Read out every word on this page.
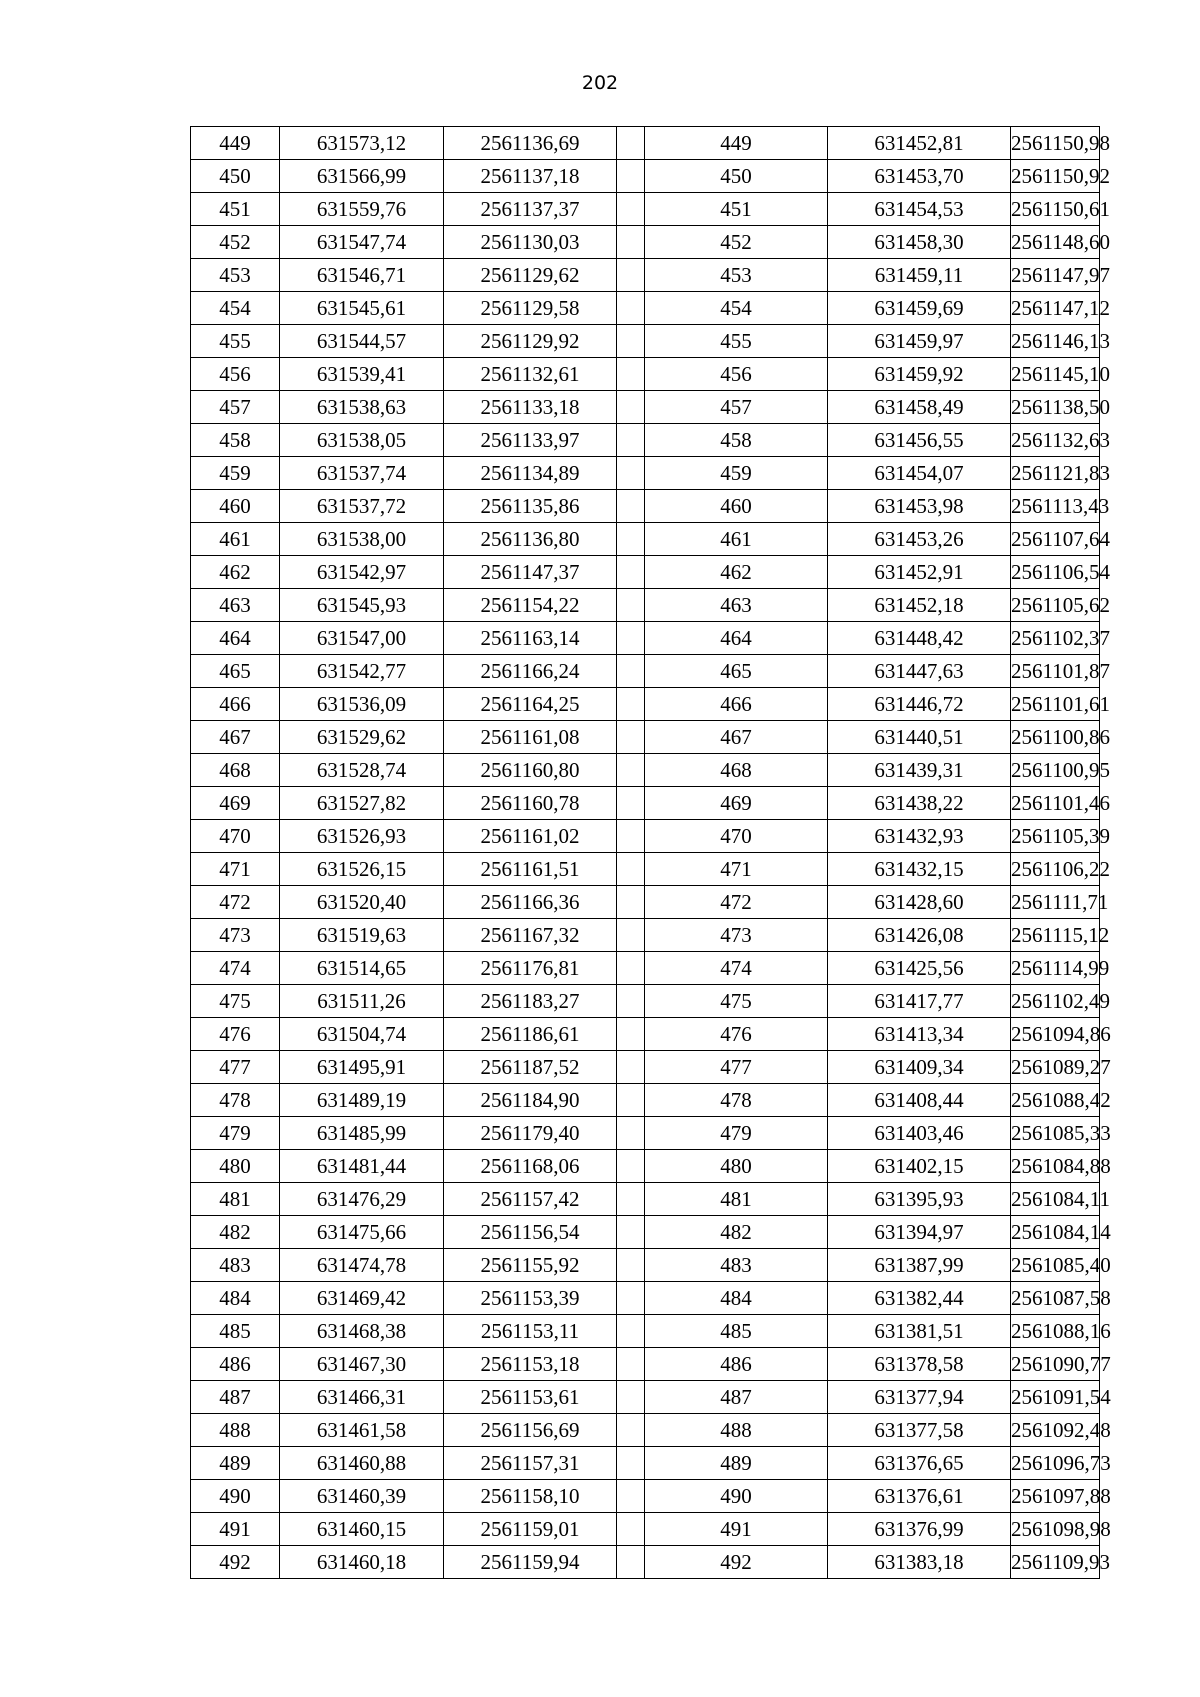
202
449	631573,12	2561136,69		449	631452,81	2561150,98
450	631566,99	2561137,18		450	631453,70	2561150,92
451	631559,76	2561137,37		451	631454,53	2561150,61
452	631547,74	2561130,03		452	631458,30	2561148,60
453	631546,71	2561129,62		453	631459,11	2561147,97
454	631545,61	2561129,58		454	631459,69	2561147,12
455	631544,57	2561129,92		455	631459,97	2561146,13
456	631539,41	2561132,61		456	631459,92	2561145,10
457	631538,63	2561133,18		457	631458,49	2561138,50
458	631538,05	2561133,97		458	631456,55	2561132,63
459	631537,74	2561134,89		459	631454,07	2561121,83
460	631537,72	2561135,86		460	631453,98	2561113,43
461	631538,00	2561136,80		461	631453,26	2561107,64
462	631542,97	2561147,37		462	631452,91	2561106,54
463	631545,93	2561154,22		463	631452,18	2561105,62
464	631547,00	2561163,14		464	631448,42	2561102,37
465	631542,77	2561166,24		465	631447,63	2561101,87
466	631536,09	2561164,25		466	631446,72	2561101,61
467	631529,62	2561161,08		467	631440,51	2561100,86
468	631528,74	2561160,80		468	631439,31	2561100,95
469	631527,82	2561160,78		469	631438,22	2561101,46
470	631526,93	2561161,02		470	631432,93	2561105,39
471	631526,15	2561161,51		471	631432,15	2561106,22
472	631520,40	2561166,36		472	631428,60	2561111,71
473	631519,63	2561167,32		473	631426,08	2561115,12
474	631514,65	2561176,81		474	631425,56	2561114,99
475	631511,26	2561183,27		475	631417,77	2561102,49
476	631504,74	2561186,61		476	631413,34	2561094,86
477	631495,91	2561187,52		477	631409,34	2561089,27
478	631489,19	2561184,90		478	631408,44	2561088,42
479	631485,99	2561179,40		479	631403,46	2561085,33
480	631481,44	2561168,06		480	631402,15	2561084,88
481	631476,29	2561157,42		481	631395,93	2561084,11
482	631475,66	2561156,54		482	631394,97	2561084,14
483	631474,78	2561155,92		483	631387,99	2561085,40
484	631469,42	2561153,39		484	631382,44	2561087,58
485	631468,38	2561153,11		485	631381,51	2561088,16
486	631467,30	2561153,18		486	631378,58	2561090,77
487	631466,31	2561153,61		487	631377,94	2561091,54
488	631461,58	2561156,69		488	631377,58	2561092,48
489	631460,88	2561157,31		489	631376,65	2561096,73
490	631460,39	2561158,10		490	631376,61	2561097,88
491	631460,15	2561159,01		491	631376,99	2561098,98
492	631460,18	2561159,94		492	631383,18	2561109,93
